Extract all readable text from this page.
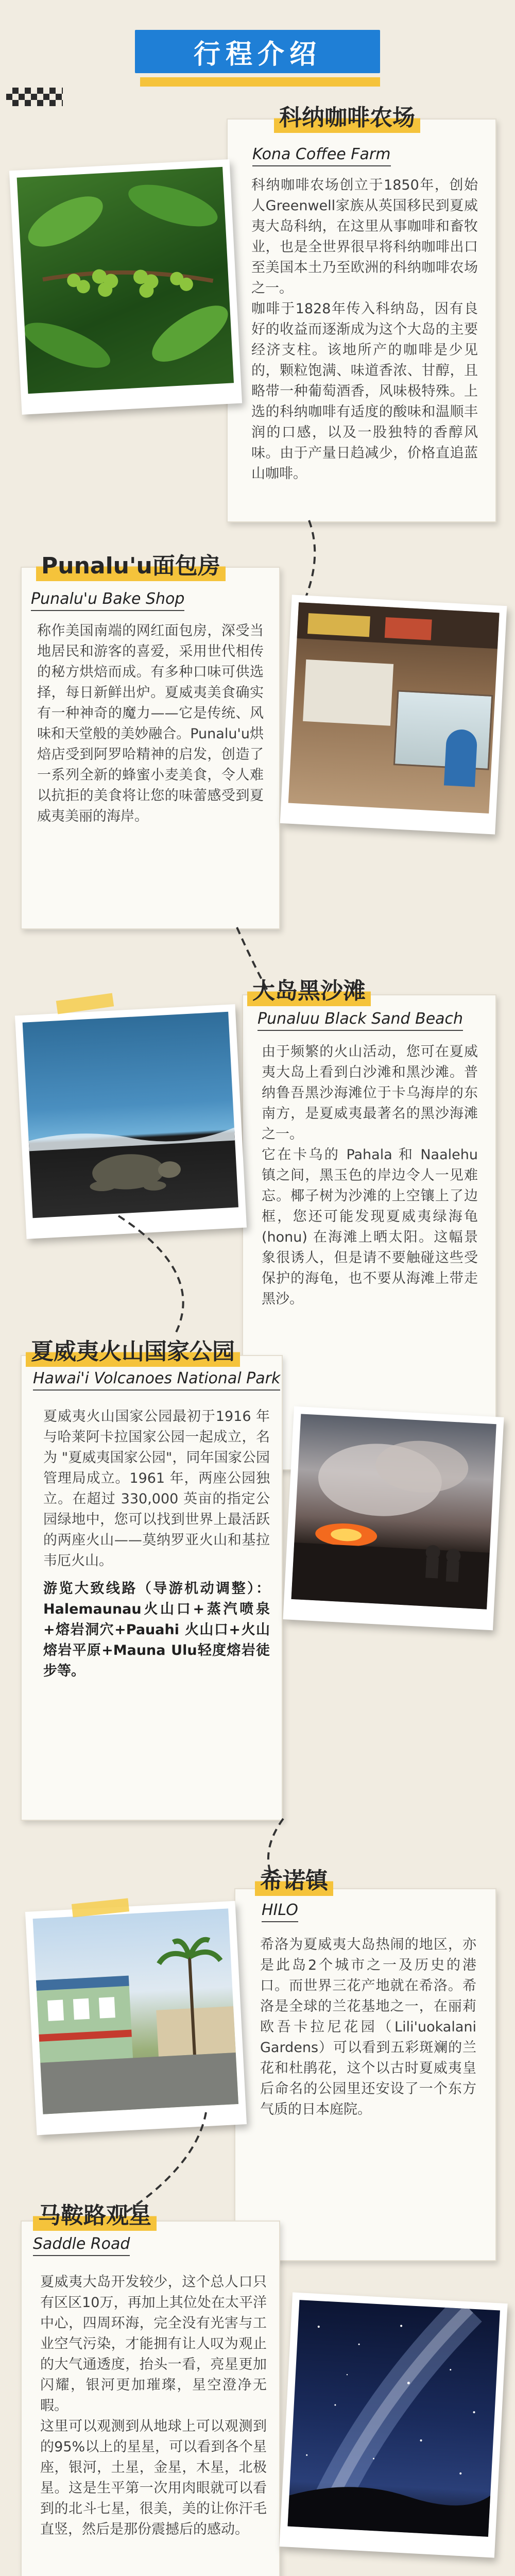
行程介绍
科纳咖啡农场
Kona Coffee Farm
科纳咖啡农场创立于1850年，创始人Greenwell家族从英国移民到夏威夷大岛科纳，在这里从事咖啡和畜牧业，也是全世界很早将科纳咖啡出口至美国本土乃至欧洲的科纳咖啡农场之一。
咖啡于1828年传入科纳岛，因有良好的收益而逐渐成为这个大岛的主要经济支柱。该地所产的咖啡是少见的，颗粒饱满、味道香浓、甘醇，且略带一种葡萄酒香，风味极特殊。上选的科纳咖啡有适度的酸味和温顺丰润的口感，以及一股独特的香醇风味。由于产量日趋减少，价格直追蓝山咖啡。
Punalu'u面包房
Punalu'u Bake Shop
称作美国南端的网红面包房，深受当地居民和游客的喜爱，采用世代相传的秘方烘焙而成。有多种口味可供选择，每日新鲜出炉。夏威夷美食确实有一种神奇的魔力——它是传统、风味和天堂般的美妙融合。Punalu'u烘焙店受到阿罗哈精神的启发，创造了一系列全新的蜂蜜小麦美食，令人难以抗拒的美食将让您的味蕾感受到夏威夷美丽的海岸。
大岛黑沙滩
Punaluu Black Sand Beach
由于频繁的火山活动，您可在夏威夷大岛上看到白沙滩和黑沙滩。普纳鲁吾黑沙海滩位于卡乌海岸的东南方，是夏威夷最著名的黑沙海滩之一。
它在卡乌的 Pahala 和 Naalehu 镇之间，黑玉色的岸边令人一见难忘。椰子树为沙滩的上空镶上了边框，您还可能发现夏威夷绿海龟(honu) 在海滩上晒太阳。这幅景象很诱人，但是请不要触碰这些受保护的海龟，也不要从海滩上带走黑沙。
夏威夷火山国家公园
Hawai'i Volcanoes National Park
夏威夷火山国家公园最初于1916 年与哈莱阿卡拉国家公园一起成立，名为 "夏威夷国家公园"，同年国家公园管理局成立。1961 年，两座公园独立。在超过 330,000 英亩的指定公园绿地中，您可以找到世界上最活跃的两座火山——莫纳罗亚火山和基拉韦厄火山。
游览大致线路（导游机动调整）：Halemaunau火山口+蒸汽喷泉+熔岩洞穴+Pauahi 火山口+火山熔岩平原+Mauna Ulu轻度熔岩徒步等。
希诺镇
HILO
希洛为夏威夷大岛热闹的地区，亦是此岛2个城市之一及历史的港口。而世界三花产地就在希洛。希洛是全球的兰花基地之一，在丽莉欧吾卡拉尼花园（Lili'uokalani Gardens）可以看到五彩斑斓的兰花和杜鹃花，这个以古时夏威夷皇后命名的公园里还安设了一个东方气质的日本庭院。
马鞍路观星
Saddle Road
夏威夷大岛开发较少，这个总人口只有区区10万，再加上其位处在太平洋中心，四周环海，完全没有光害与工业空气污染，才能拥有让人叹为观止的大气通透度，抬头一看，亮星更加闪耀，银河更加璀璨，星空澄净无暇。
这里可以观测到从地球上可以观测到的95%以上的星星，可以看到各个星座，银河，土星，金星，木星，北极星。这是生平第一次用肉眼就可以看到的北斗七星，很美，美的让你汗毛直竖，然后是那份震撼后的感动。
